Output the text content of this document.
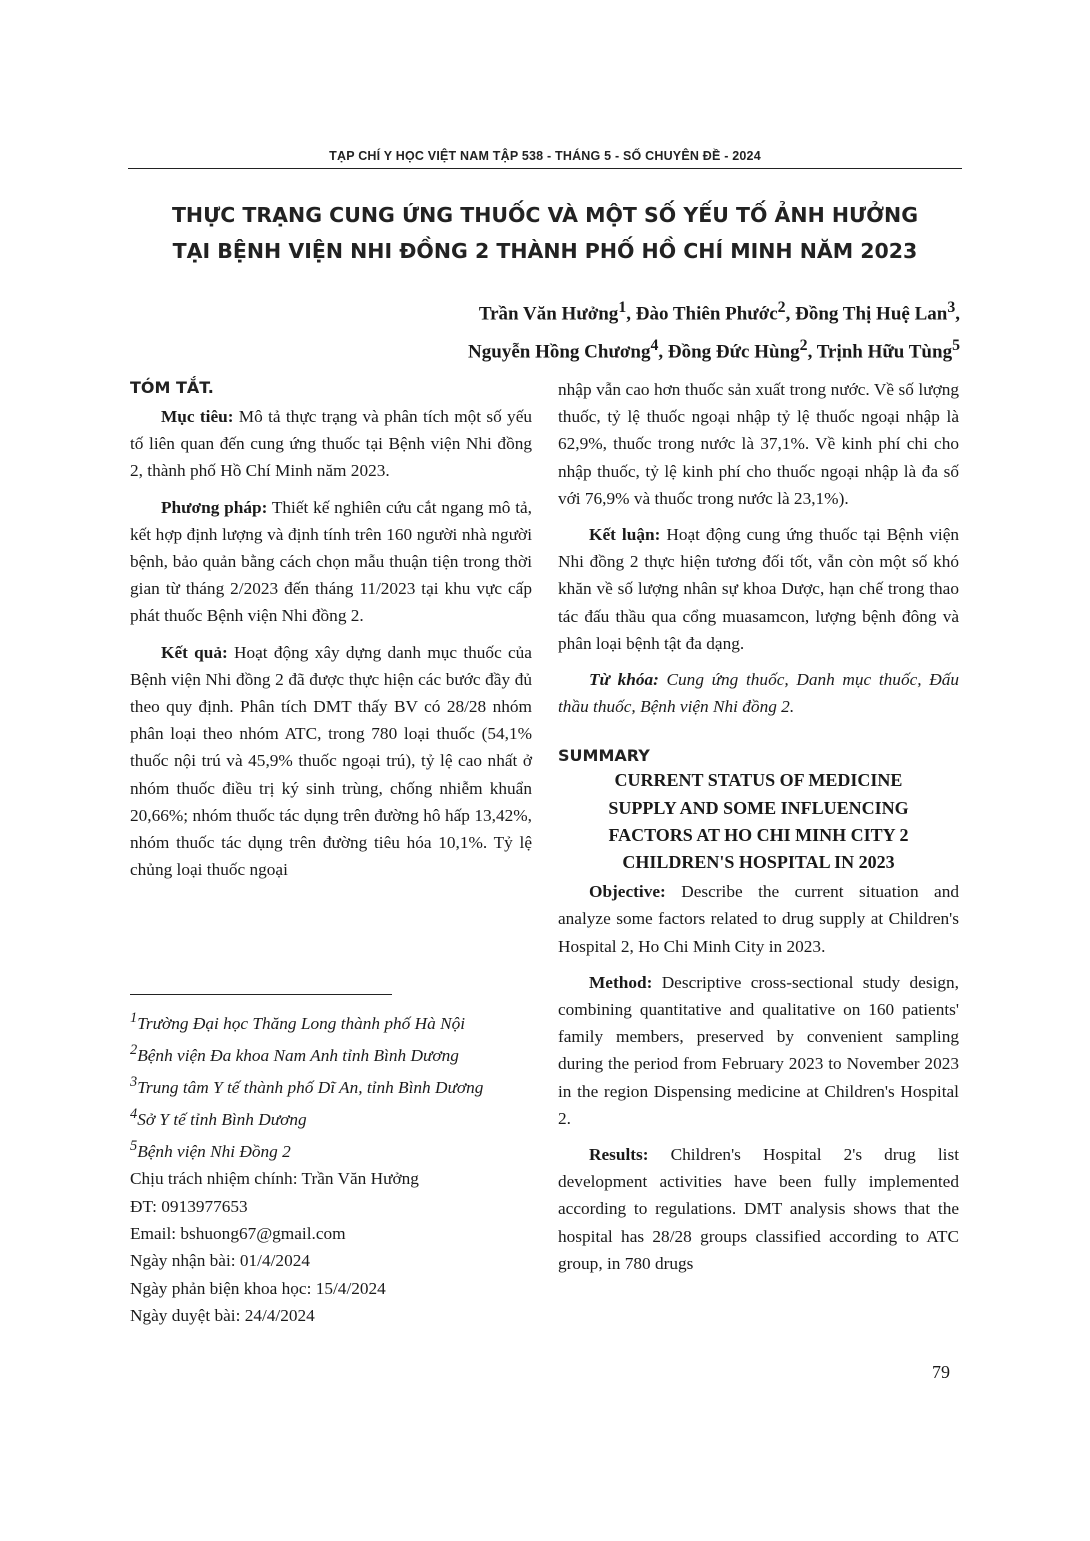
TẠP CHÍ Y HỌC VIỆT NAM TẬP 538 - THÁNG 5 - SỐ CHUYÊN ĐỀ - 2024
THỰC TRẠNG CUNG ỨNG THUỐC VÀ MỘT SỐ YẾU TỐ ẢNH HƯỞNG
TẠI BỆNH VIỆN NHI ĐỒNG 2 THÀNH PHỐ HỒ CHÍ MINH NĂM 2023
Trần Văn Hưởng$^1$, Đào Thiên Phước$^2$, Đồng Thị Huệ Lan$^3$,
Nguyễn Hồng Chương$^4$, Đồng Đức Hùng$^2$, Trịnh Hữu Tùng$^5$
TÓM TẮT.

Mục tiêu: Mô tả thực trạng và phân tích một số yếu tố liên quan đến cung ứng thuốc tại Bệnh viện Nhi đồng 2, thành phố Hồ Chí Minh năm 2023.

Phương pháp: Thiết kế nghiên cứu cắt ngang mô tả, kết hợp định lượng và định tính trên 160 người nhà người bệnh, bảo quản bằng cách chọn mẫu thuận tiện trong thời gian từ tháng 2/2023 đến tháng 11/2023 tại khu vực cấp phát thuốc Bệnh viện Nhi đồng 2.

Kết quả: Hoạt động xây dựng danh mục thuốc của Bệnh viện Nhi đồng 2 đã được thực hiện các bước đầy đủ theo quy định. Phân tích DMT thấy BV có 28/28 nhóm phân loại theo nhóm ATC, trong 780 loại thuốc (54,1% thuốc nội trú và 45,9% thuốc ngoại trú), tỷ lệ cao nhất ở nhóm thuốc điều trị ký sinh trùng, chống nhiễm khuẩn 20,66%; nhóm thuốc tác dụng trên đường hô hấp 13,42%, nhóm thuốc tác dụng trên đường tiêu hóa 10,1%. Tỷ lệ chủng loại thuốc ngoại

$^1$Trường Đại học Thăng Long thành phố Hà Nội
$^2$Bệnh viện Đa khoa Nam Anh tỉnh Bình Dương
$^3$Trung tâm Y tế thành phố Dĩ An, tỉnh Bình Dương
$^4$Sở Y tế tỉnh Bình Dương
$^5$Bệnh viện Nhi Đồng 2
Chịu trách nhiệm chính: Trần Văn Hưởng
ĐT: 0913977653
Email: bshuong67@gmail.com
Ngày nhận bài: 01/4/2024
Ngày phản biện khoa học: 15/4/2024
Ngày duyệt bài: 24/4/2024

nhập vẫn cao hơn thuốc sản xuất trong nước. Về số lượng thuốc, tỷ lệ thuốc ngoại nhập tỷ lệ thuốc ngoại nhập là 62,9%, thuốc trong nước là 37,1%. Về kinh phí chi cho nhập thuốc, tỷ lệ kinh phí cho thuốc ngoại nhập là đa số với 76,9% và thuốc trong nước là 23,1%).

Kết luận: Hoạt động cung ứng thuốc tại Bệnh viện Nhi đồng 2 thực hiện tương đối tốt, vẫn còn một số khó khăn về số lượng nhân sự khoa Dược, hạn chế trong thao tác đấu thầu qua cổng muasamcon, lượng bệnh đông và phân loại bệnh tật đa dạng.

Từ khóa: Cung ứng thuốc, Danh mục thuốc, Đấu thầu thuốc, Bệnh viện Nhi đồng 2.

SUMMARY
CURRENT STATUS OF MEDICINE
SUPPLY AND SOME INFLUENCING
FACTORS AT HO CHI MINH CITY 2
CHILDREN'S HOSPITAL IN 2023

Objective: Describe the current situation and analyze some factors related to drug supply at Children's Hospital 2, Ho Chi Minh City in 2023.

Method: Descriptive cross-sectional study design, combining quantitative and qualitative on 160 patients' family members, preserved by convenient sampling during the period from February 2023 to November 2023 in the region Dispensing medicine at Children's Hospital 2.

Results: Children's Hospital 2's drug list development activities have been fully implemented according to regulations. DMT analysis shows that the hospital has 28/28 groups classified according to ATC group, in 780 drugs

79
